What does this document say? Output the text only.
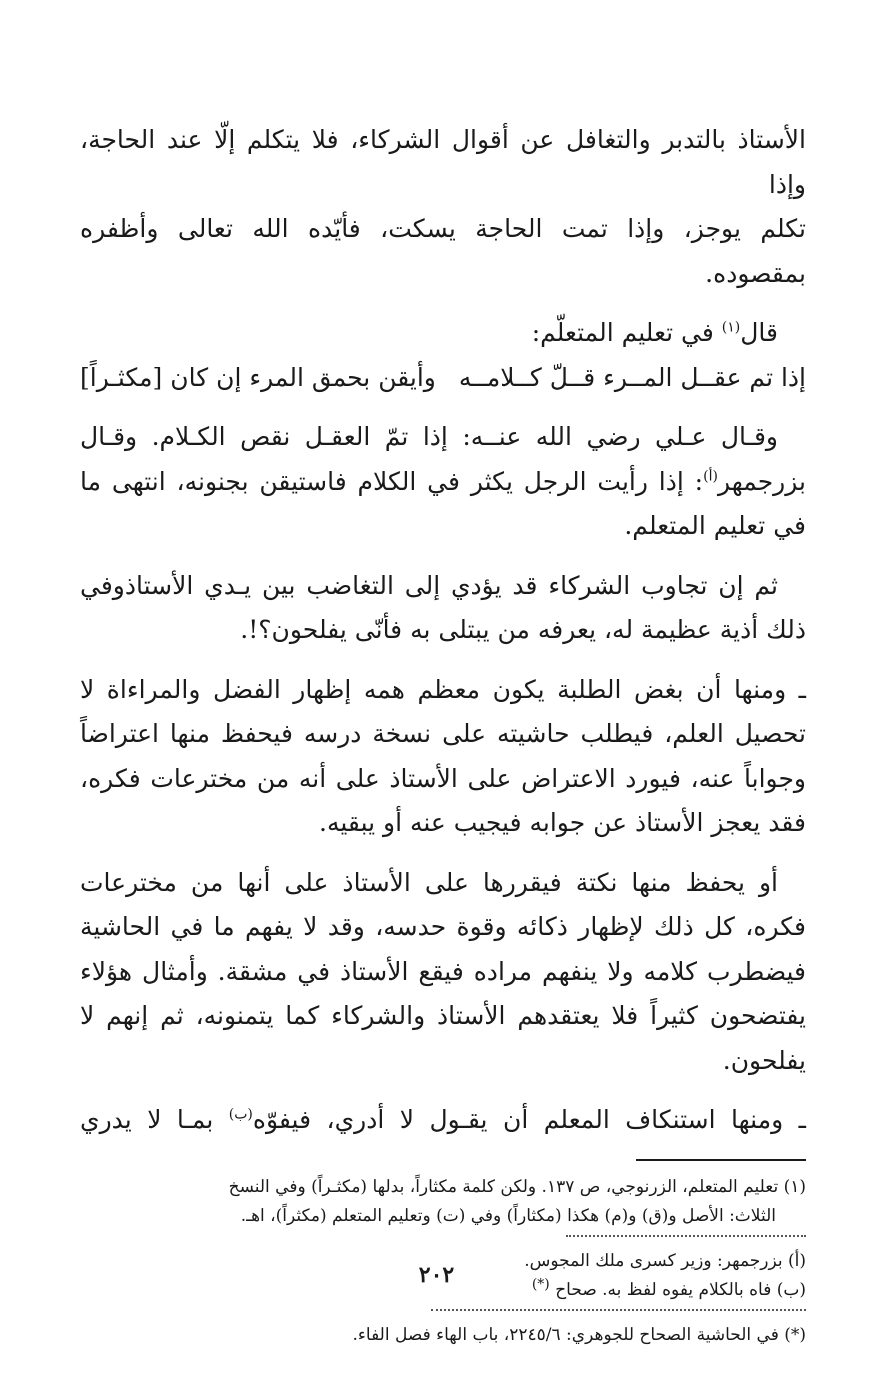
الأستاذ بالتدبر والتغافل عن أقوال الشركاء، فلا يتكلم إلّا عند الحاجة، وإذا

تكلم يوجز، وإذا تمت الحاجة يسكت، فأيّده الله تعالى وأظفره بمقصوده.

قال$^{(١)}$ في تعليم المتعلّم:

إذا تم عقــل المــرء قــلّ كــلامــه
وأيقن بحمق المرء إن كان [مكثـراً]

وقـال عـلي رضي الله عنــه: إذا تمّ العقـل نقص الكـلام. وقـال بزرجمهر$^{(أ)}$: إذا رأيت الرجل يكثر في الكلام فاستيقن بجنونه، انتهى ما في تعليم المتعلم.

ثم إن تجاوب الشركاء قد يؤدي إلى التغاضب بين يـدي الأستاذوفي ذلك أذية عظيمة له، يعرفه من يبتلى به فأنّى يفلحون؟!.

ـ ومنها أن بغض الطلبة يكون معظم همه إظهار الفضل والمراءاة لا تحصيل العلم، فيطلب حاشيته على نسخة درسه فيحفظ منها اعتراضاً وجواباً عنه، فيورد الاعتراض على الأستاذ على أنه من مخترعات فكره، فقد يعجز الأستاذ عن جوابه فيجيب عنه أو يبقيه.

أو يحفظ منها نكتة فيقررها على الأستاذ على أنها من مخترعات فكره، كل ذلك لإظهار ذكائه وقوة حدسه، وقد لا يفهم ما في الحاشية فيضطرب كلامه ولا ينفهم مراده فيقع الأستاذ في مشقة. وأمثال هؤلاء يفتضحون كثيراً فلا يعتقدهم الأستاذ والشركاء كما يتمنونه، ثم إنهم لا يفلحون.

ـ ومنها استنكاف المعلم أن يقـول لا أدري، فيفوّه$^{(ب)}$ بمـا لا يدري

(١) تعليم المتعلم، الزرنوجي، ص ١٣٧. ولكن كلمة مكثاراً، بدلها (مكثـراً) وفي النسخ

الثلاث: الأصل و(ق) و(م) هكذا (مكثاراً) وفي (ت) وتعليم المتعلم (مكثراً)، اهـ.

(أ) بزرجمهر: وزير كسرى ملك المجوس.

(ب) فاه بالكلام يفوه لفظ به. صحاح (*)

(*) في الحاشية الصحاح للجوهري: ٢٢٤٥/٦، باب الهاء فصل الفاء.

٢٠٢
